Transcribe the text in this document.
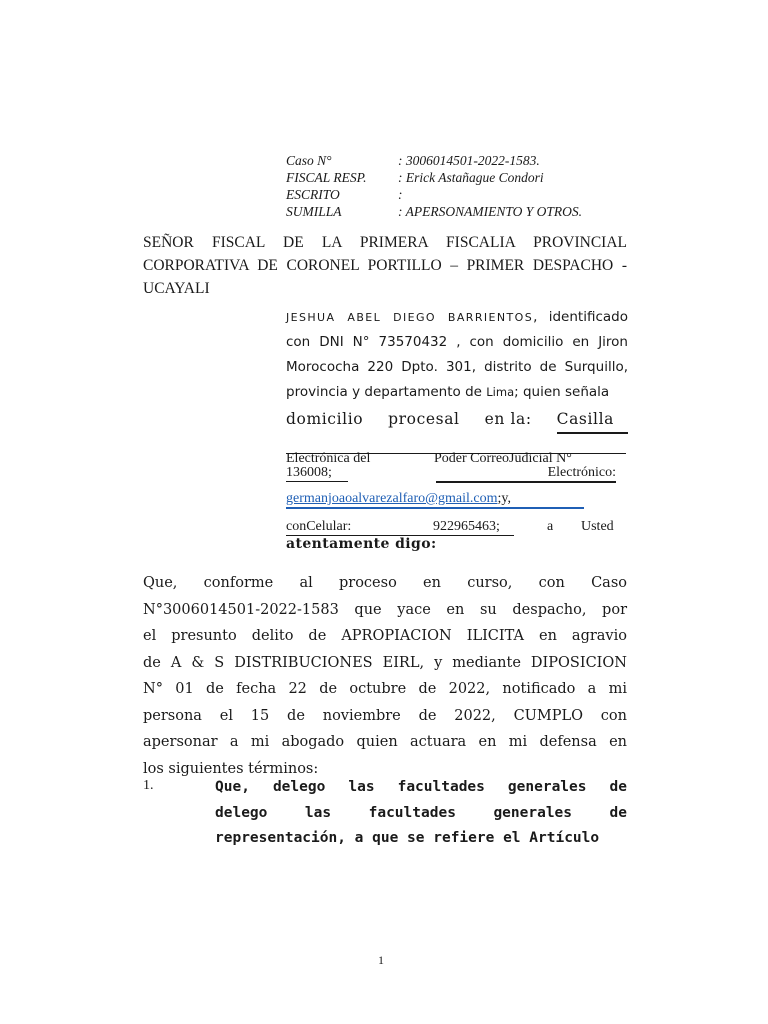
Caso N°	: 3006014501-2022-1583.
FISCAL RESP.	: Erick Astañague Condori
ESCRITO	:
SUMILLA	: APERSONAMIENTO Y OTROS.
SEÑOR FISCAL DE LA PRIMERA FISCALIA PROVINCIAL CORPORATIVA DE CORONEL PORTILLO – PRIMER DESPACHO - UCAYALI
JESHUA ABEL DIEGO BARRIENTOS, identificado con DNI N° 73570432 , con domicilio en Jiron Morococha 220 Dpto. 301, distrito de Surquillo, provincia y departamento de Lima; quien señala
domicilio procesal en la: Casilla
Electrónica del	Poder CorreoJudicial N°
136008;	Electrónico:
germanjoaoalvarezalfaro@gmail.com;y,
conCelular:	922965463;	a Usted
atentamente digo:
Que, conforme al proceso en curso, con Caso
N°3006014501-2022-1583 que yace en su despacho, por
el presunto delito de APROPIACION ILICITA en agravio
de A & S DISTRIBUCIONES EIRL, y mediante DIPOSICION
N° 01 de fecha 22 de octubre de 2022, notificado a mi
persona el 15 de noviembre de 2022, CUMPLO con
apersonar a mi abogado quien actuara en mi defensa en
los siguientes términos:
1.	Que, delego las facultades generales de
delego las facultades generales de
representación, a que se refiere el Artículo
1
